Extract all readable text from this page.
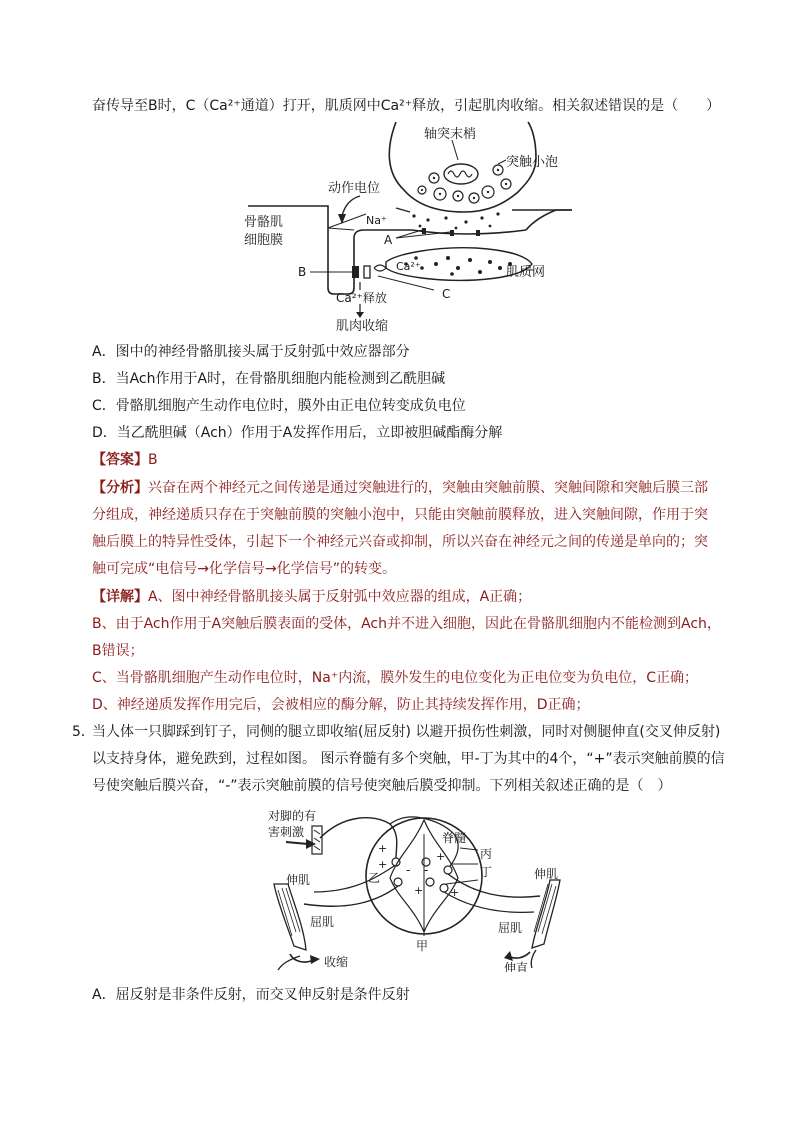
奋传导至B时，C（Ca²⁺通道）打开，肌质网中Ca²⁺释放，引起肌肉收缩。相关叙述错误的是（　　）
轴突末梢
突触小泡
动作电位
Na⁺
骨骼肌
细胞膜	A
B
C
Ca²⁺	肌质网
Ca²⁺释放
肌肉收缩
A．图中的神经骨骼肌接头属于反射弧中效应器部分
B．当Ach作用于A时，在骨骼肌细胞内能检测到乙酰胆碱
C．骨骼肌细胞产生动作电位时，膜外由正电位转变成负电位
D．当乙酰胆碱（Ach）作用于A发挥作用后，立即被胆碱酯酶分解
【答案】B
【分析】兴奋在两个神经元之间传递是通过突触进行的，突触由突触前膜、突触间隙和突触后膜三部
分组成，神经递质只存在于突触前膜的突触小泡中，只能由突触前膜释放，进入突触间隙，作用于突
触后膜上的特异性受体，引起下一个神经元兴奋或抑制，所以兴奋在神经元之间的传递是单向的；突
触可完成“电信号→化学信号→化学信号”的转变。
【详解】A、图中神经骨骼肌接头属于反射弧中效应器的组成，A正确；
B、由于Ach作用于A突触后膜表面的受体，Ach并不进入细胞，因此在骨骼肌细胞内不能检测到Ach，
B错误；
C、当骨骼肌细胞产生动作电位时，Na⁺内流，膜外发生的电位变化为正电位变为负电位，C正确；
D、神经递质发挥作用完后，会被相应的酶分解，防止其持续发挥作用，D正确；
5．
当人体一只脚踩到钉子，同侧的腿立即收缩(屈反射) 以避开损伤性刺激，同时对侧腿伸直(交叉伸反射)
以支持身体，避免跌到，过程如图。 图示脊髓有多个突触，甲-丁为其中的4个，“+”表示突触前膜的信
号使突触后膜兴奋，“-”表示突触前膜的信号使突触后膜受抑制。下列相关叙述正确的是（　）
对脚的有
害刺激	脊髓
丙
丁
乙
甲
伸肌
屈肌
收缩
伸肌
屈肌
伸直
+
+
+
+
+
- -
A．屈反射是非条件反射，而交叉伸反射是条件反射
